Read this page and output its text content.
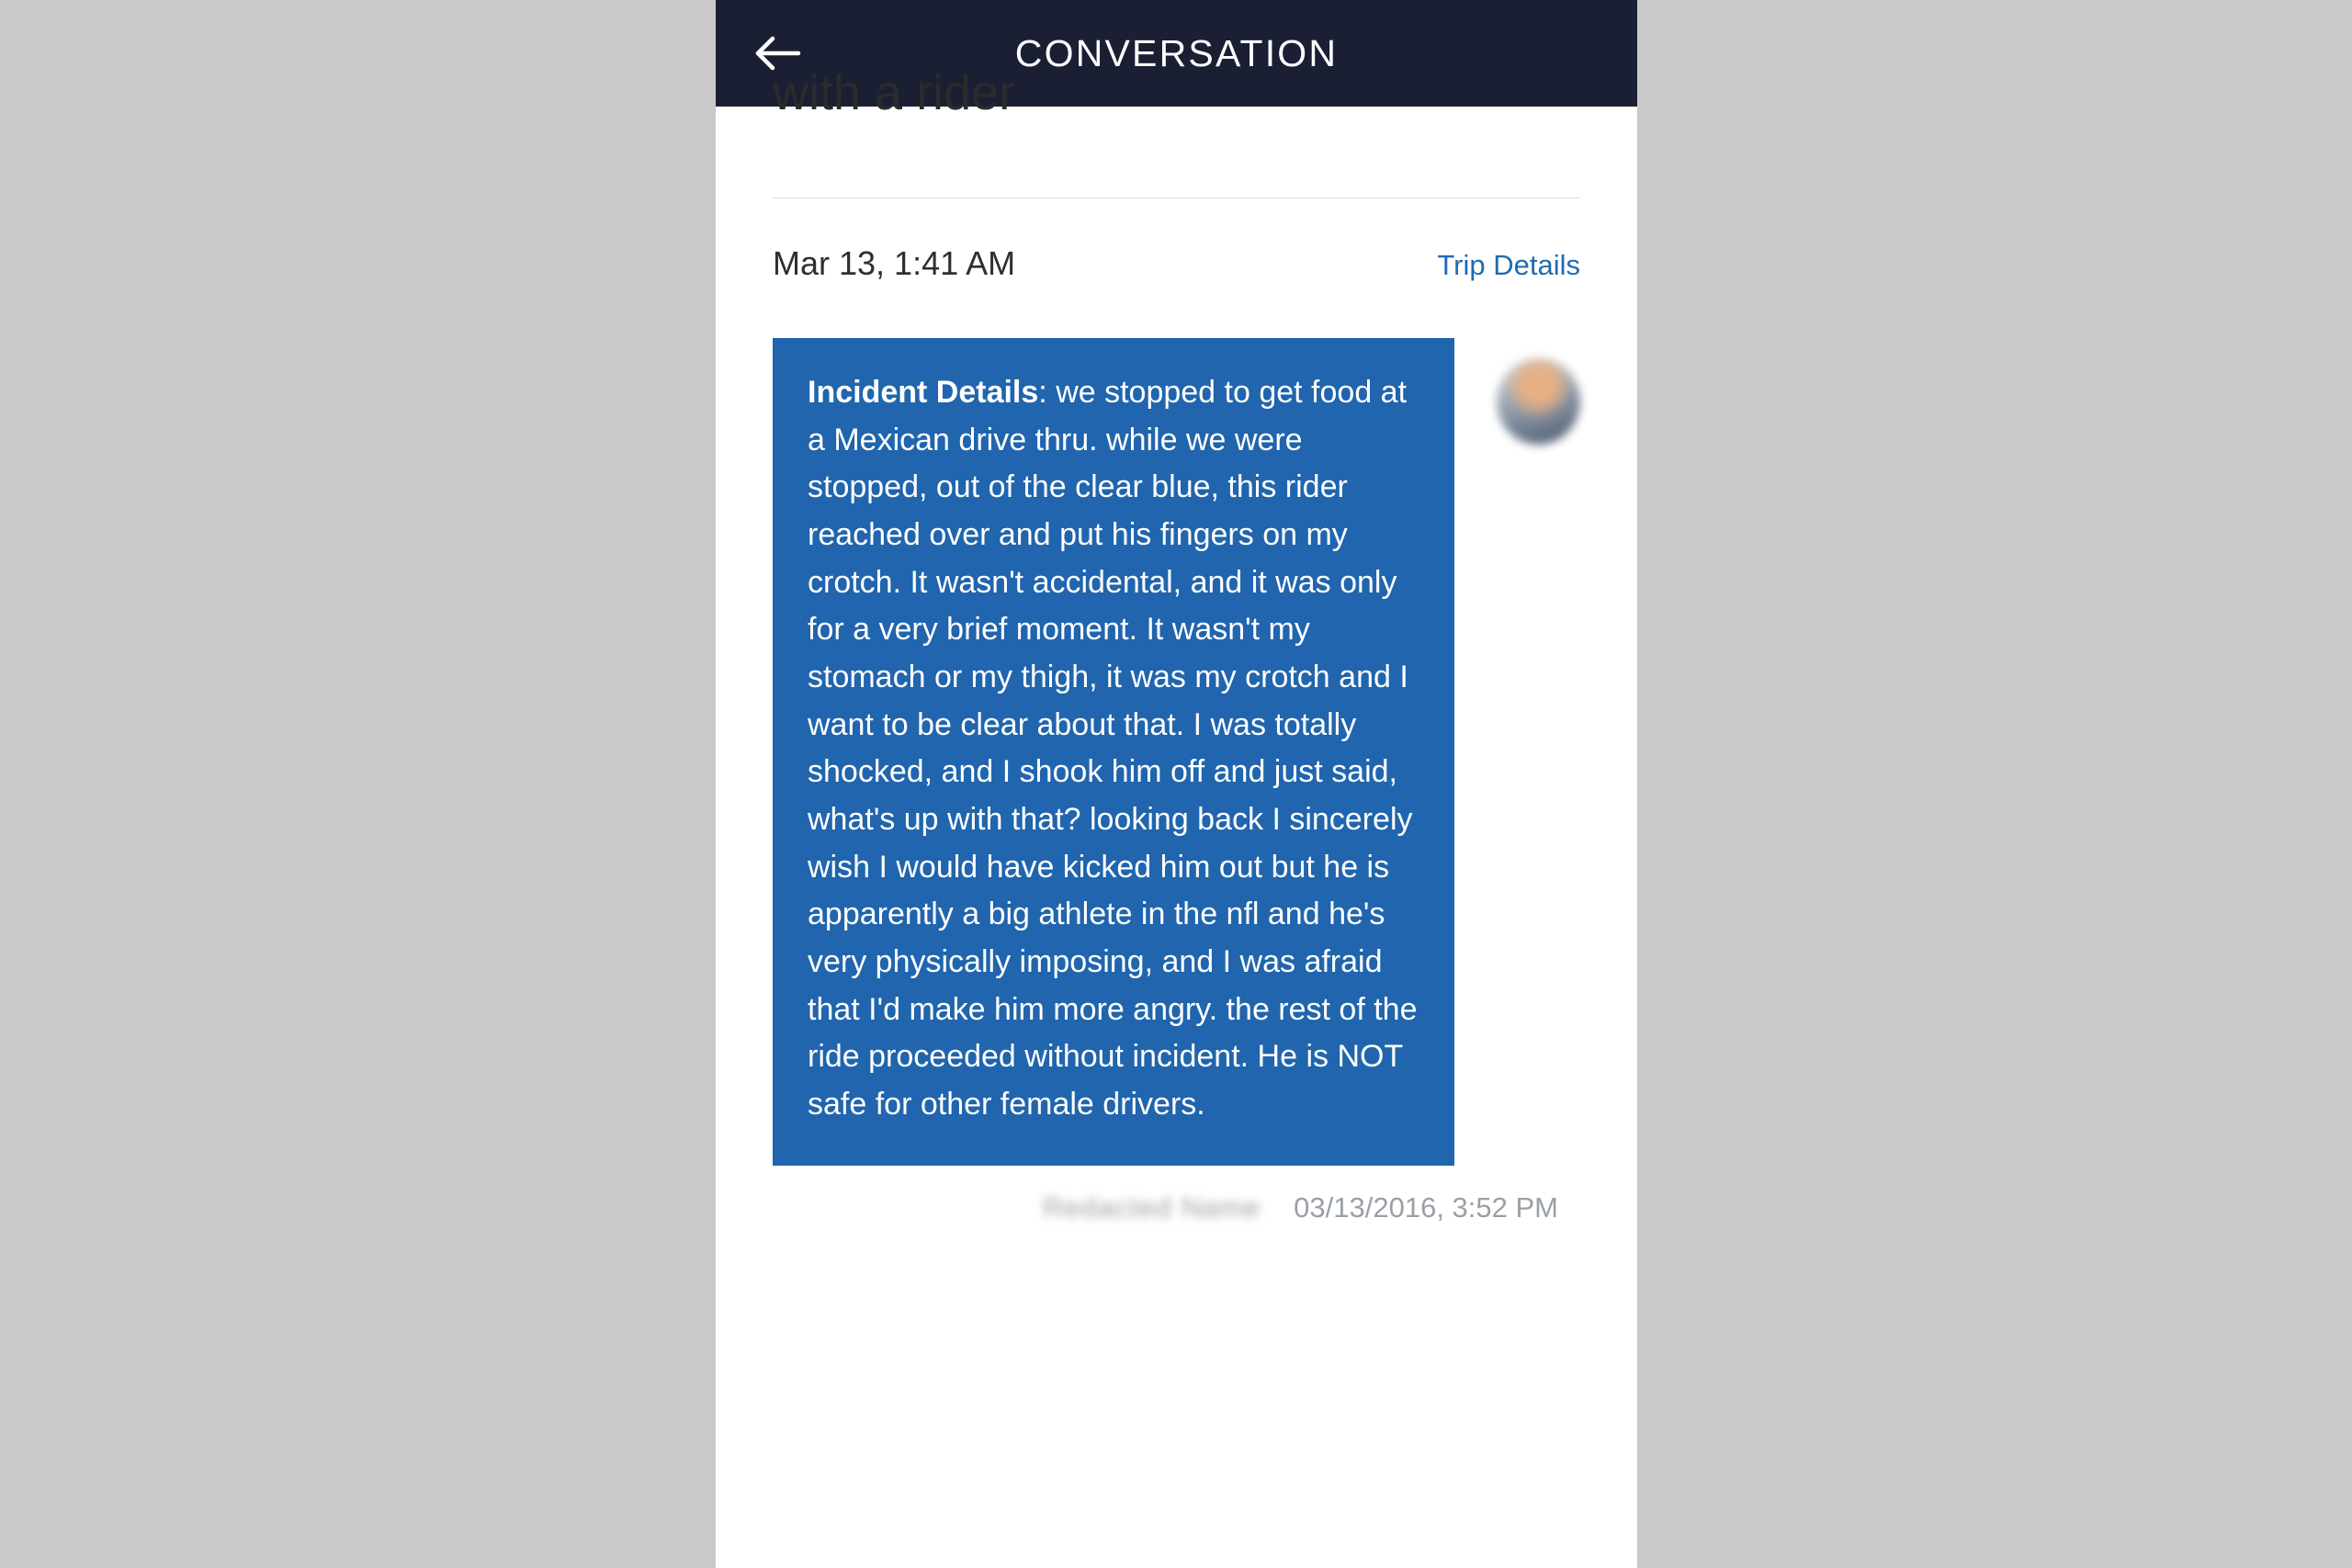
CONVERSATION
with a rider
Mar 13, 1:41 AM	Trip Details
Incident Details: we stopped to get food at a Mexican drive thru. while we were stopped, out of the clear blue, this rider reached over and put his fingers on my crotch. It wasn't accidental, and it was only for a very brief moment. It wasn't my stomach or my thigh, it was my crotch and I want to be clear about that. I was totally shocked, and I shook him off and just said, what's up with that? looking back I sincerely wish I would have kicked him out but he is apparently a big athlete in the nfl and he's very physically imposing, and I was afraid that I'd make him more angry. the rest of the ride proceeded without incident. He is NOT safe for other female drivers.
Redacted Name 03/13/2016, 3:52 PM
